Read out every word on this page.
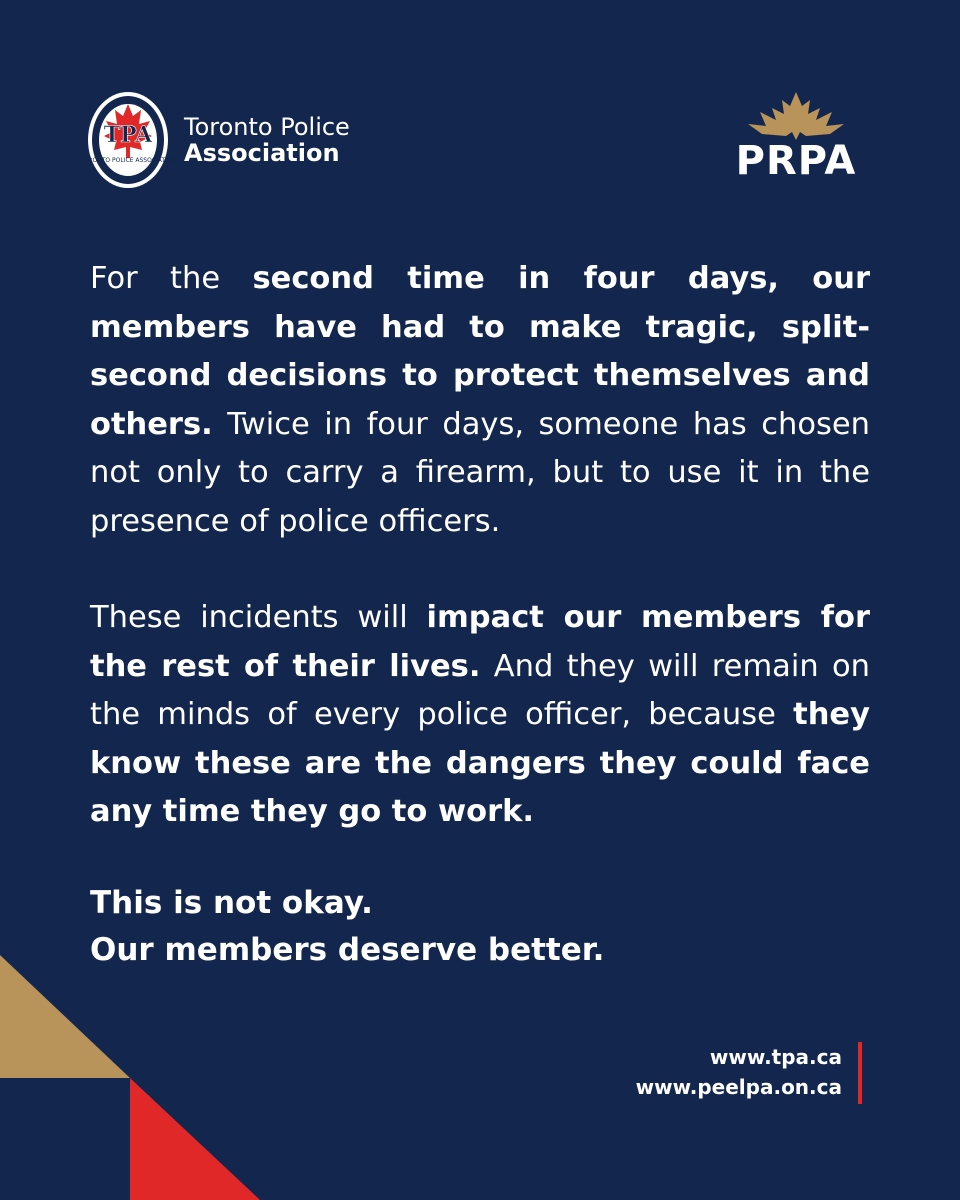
TPA
TORONTO POLICE ASSOCIATION
Toronto Police
Association	PRPA

For the second time in four days, our members have had to make tragic, split-second decisions to protect themselves and others. Twice in four days, someone has chosen not only to carry a firearm, but to use it in the presence of police officers.

These incidents will impact our members for the rest of their lives. And they will remain on the minds of every police officer, because they know these are the dangers they could face any time they go to work.

This is not okay.
Our members deserve better.
www.tpa.ca
www.peelpa.on.ca
